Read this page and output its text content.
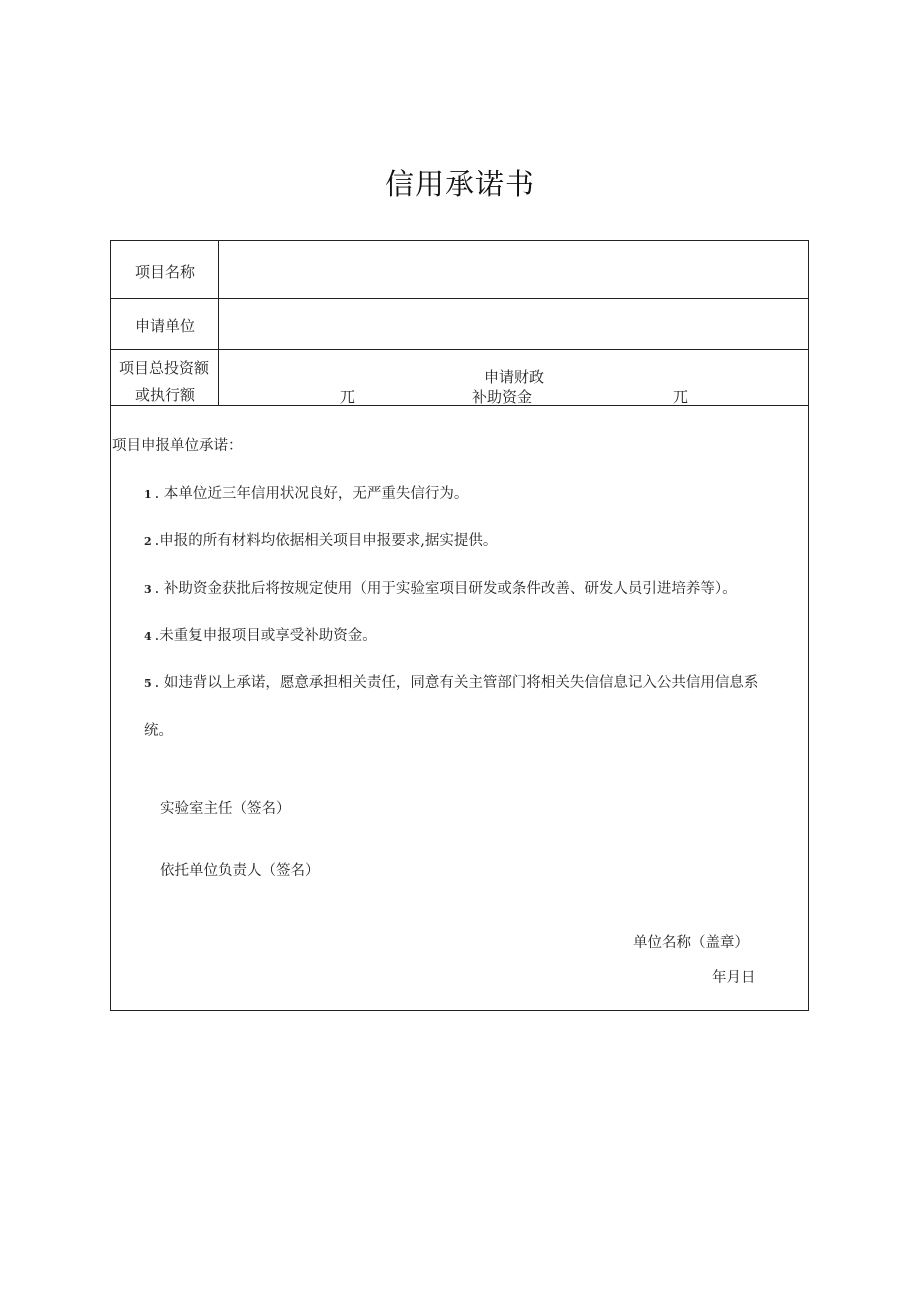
信用承诺书
项目名称
申请单位
项目总投资额
或执行额	兀
申请财政
补助资金	兀
项目申报单位承诺：
1 . 本单位近三年信用状况良好，无严重失信行为。
2 .申报的所有材料均依据相关项目申报要求,据实提供。
3 . 补助资金获批后将按规定使用（用于实验室项目研发或条件改善、研发人员引进培养等）。
4 .未重复申报项目或享受补助资金。
5 . 如违背以上承诺，愿意承担相关责任，同意有关主管部门将相关失信信息记入公共信用信息系
统。
实验室主任（签名）
依托单位负责人（签名）
单位名称（盖章）
年月日
